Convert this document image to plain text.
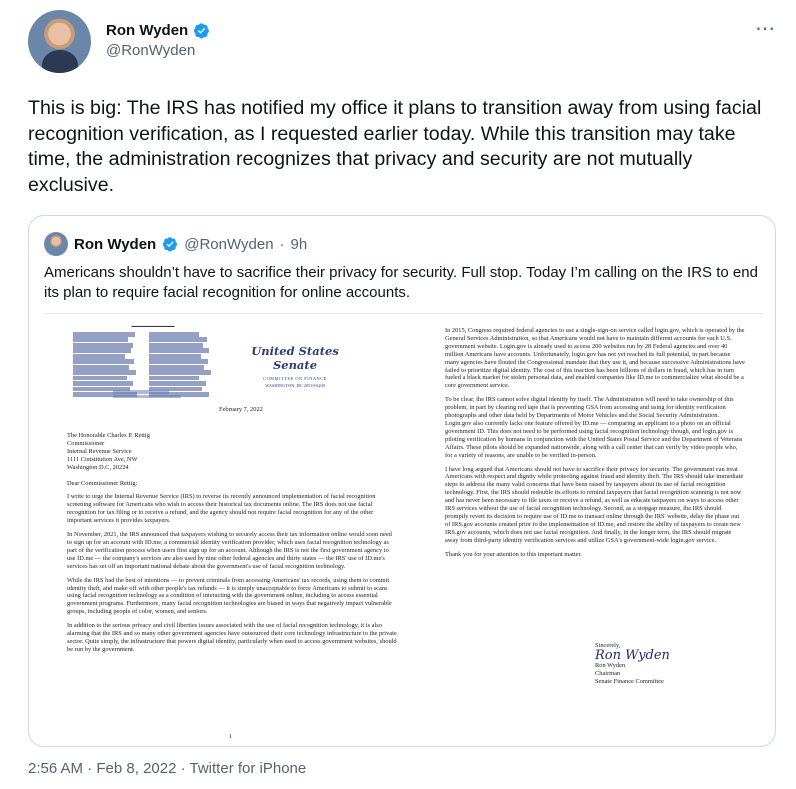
Ron Wyden
@RonWyden
⋯
This is big: The IRS has notified my office it plans to transition away from using facial recognition verification, as I requested earlier today. While this transition may take time, the administration recognizes that privacy and security are not mutually exclusive.
Ron Wyden @RonWyden · 9h
Americans shouldn’t have to sacrifice their privacy for security. Full stop. Today I’m calling on the IRS to end its plan to require facial recognition for online accounts.
▬▬▬▬▬▬▬▬▬▬▬▬
United States Senate
COMMITTEE ON FINANCE
WASHINGTON, DC 20510-6200
February 7, 2022
The Honorable Charles P. Rettig
Commissioner
Internal Revenue Service
1111 Constitution Ave, NW
Washington D.C, 20224

Dear Commissioner Rettig:

I write to urge the Internal Revenue Service (IRS) to reverse its recently announced implementation of facial recognition screening software for Americans who wish to access their historical tax documents online. The IRS does not use facial recognition for tax filing or to receive a refund, and the agency should not require facial recognition for any of the other important services it provides taxpayers.

In November, 2021, the IRS announced that taxpayers wishing to securely access their tax information online would soon need to sign up for an account with ID.me, a commercial identity verification provider, which uses facial recognition technology as part of the verification process when users first sign up for an account. Although the IRS is not the first government agency to use ID.me — the company's services are also used by nine other federal agencies and thirty states — the IRS' use of ID.me's services has set off an important national debate about the government's use of facial recognition technology.

While the IRS had the best of intentions — to prevent criminals from accessing Americans' tax records, using them to commit identity theft, and make off with other people's tax refunds — it is simply unacceptable to force Americans to submit to scans using facial recognition technology as a condition of interacting with the government online, including to access essential government programs. Furthermore, many facial recognition technologies are biased in ways that negatively impact vulnerable groups, including people of color, women, and seniors.

In addition to the serious privacy and civil liberties issues associated with the use of facial recognition technology, it is also alarming that the IRS and so many other government agencies have outsourced their core technology infrastructure to the private sector. Quite simply, the infrastructure that powers digital identity, particularly when used to access government websites, should be run by the government.

In 2015, Congress required federal agencies to use a single-sign-on service called login.gov, which is operated by the General Services Administration, so that Americans would not have to maintain different accounts for each U.S. government website. Login.gov is already used to access 200 websites run by 28 Federal agencies and over 40 million Americans have accounts. Unfortunately, login.gov has not yet reached its full potential, in part because many agencies have flouted the Congressional mandate that they use it, and because successive Administrations have failed to prioritize digital identity. The cost of this inaction has been billions of dollars in fraud, which has in turn fueled a black market for stolen personal data, and enabled companies like ID.me to commercialize what should be a core government service.

To be clear, the IRS cannot solve digital identity by itself. The Administration will need to take ownership of this problem, in part by clearing red tape that is preventing GSA from accessing and using for identity verification photographs and other data held by Departments of Motor Vehicles and the Social Security Administration. Login.gov also currently lacks one feature offered by ID.me — comparing an applicant to a photo on an official government ID. This does not need to be performed using facial recognition technology though, and login.gov is piloting verification by humans in conjunction with the United States Postal Service and the Department of Veterans Affairs. These pilots should be expanded nationwide, along with a call center that can verify by video people who, for a variety of reasons, are unable to be verified in-person.

I have long argued that Americans should not have to sacrifice their privacy for security. The government can treat Americans with respect and dignity while protecting against fraud and identity theft. The IRS should take immediate steps to address the many valid concerns that have been raised by taxpayers about its use of facial recognition technology. First, the IRS should redouble its efforts to remind taxpayers that facial recognition scanning is not now and has never been necessary to file taxes or receive a refund, as well as educate taxpayers on ways to access other IRS services without the use of facial recognition technology. Second, as a stopgap measure, the IRS should promptly revert its decision to require use of ID.me to transact online through the IRS' website, delay the phase out of IRS.gov accounts created prior to the implementation of ID.me, and restore the ability of taxpayers to create new IRS.gov accounts, which does not use facial recognition. And finally, in the longer term, the IRS should migrate away from third-party identity verification services and utilize GSA's government-wide login.gov service.

Thank you for your attention to this important matter.

Sincerely,
Ron Wyden
Ron Wyden
Chairman
Senate Finance Committee
1
2:56 AM · Feb 8, 2022 · Twitter for iPhone
